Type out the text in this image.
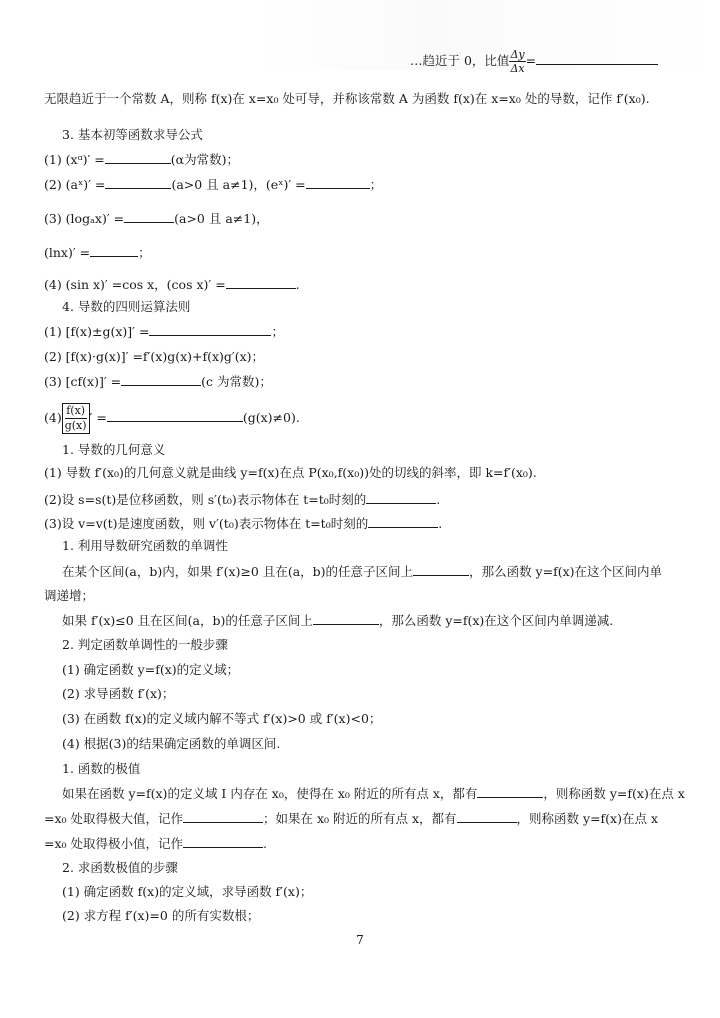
…趋近于 0，比值 $\frac{\Delta y}{\Delta x}$ =
无限趋近于一个常数 A，则称 f(x)在 x=x₀ 处可导，并称该常数 A 为函数 f(x)在 x=x₀ 处的导数，记作 f′(x₀).
3. 基本初等函数求导公式
(1) (xᵅ)′ =	(α为常数)；
(2) (aˣ)′ =	(a>0 且 a≠1)，(eˣ)′ =	；
(3) (logₐx)′ =	(a>0 且 a≠1)，
(lnx)′ =	；
(4) (sin x)′ =cos x，(cos x)′ =	.
4. 导数的四则运算法则
(1) [f(x)±g(x)]′ =	；
(2) [f(x)·g(x)]′ =f′(x)g(x)+f(x)g′(x)；
(3) [cf(x)]′ =	(c 为常数)；
$(4) \frac{f(x)}{g(x)}$ ′ =	(g(x)≠0).
1. 导数的几何意义
(1) 导数 f′(x₀)的几何意义就是曲线 y=f(x)在点 P(x₀,f(x₀))处的切线的斜率，即 k=f′(x₀).
(2)设 s=s(t)是位移函数，则 s′(t₀)表示物体在 t=t₀时刻的	.
(3)设 v=v(t)是速度函数，则 v′(t₀)表示物体在 t=t₀时刻的	.
1. 利用导数研究函数的单调性
在某个区间(a，b)内，如果 f′(x)≥0 且在(a，b)的任意子区间上	，那么函数 y=f(x)在这个区间内单
调递增；
如果 f′(x)≤0 且在区间(a，b)的任意子区间上	，那么函数 y=f(x)在这个区间内单调递减.
2. 判定函数单调性的一般步骤
(1) 确定函数 y=f(x)的定义域；
(2) 求导函数 f′(x)；
(3) 在函数 f(x)的定义域内解不等式 f′(x)>0 或 f′(x)<0；
(4) 根据(3)的结果确定函数的单调区间.
1. 函数的极值
如果在函数 y=f(x)的定义域 I 内存在 x₀，使得在 x₀ 附近的所有点 x，都有	，则称函数 y=f(x)在点 x
=x₀ 处取得极大值，记作	；如果在 x₀ 附近的所有点 x，都有	，则称函数 y=f(x)在点 x
=x₀ 处取得极小值，记作	.
2. 求函数极值的步骤
(1) 确定函数 f(x)的定义域，求导函数 f′(x)；
(2) 求方程 f′(x)=0 的所有实数根；
7
